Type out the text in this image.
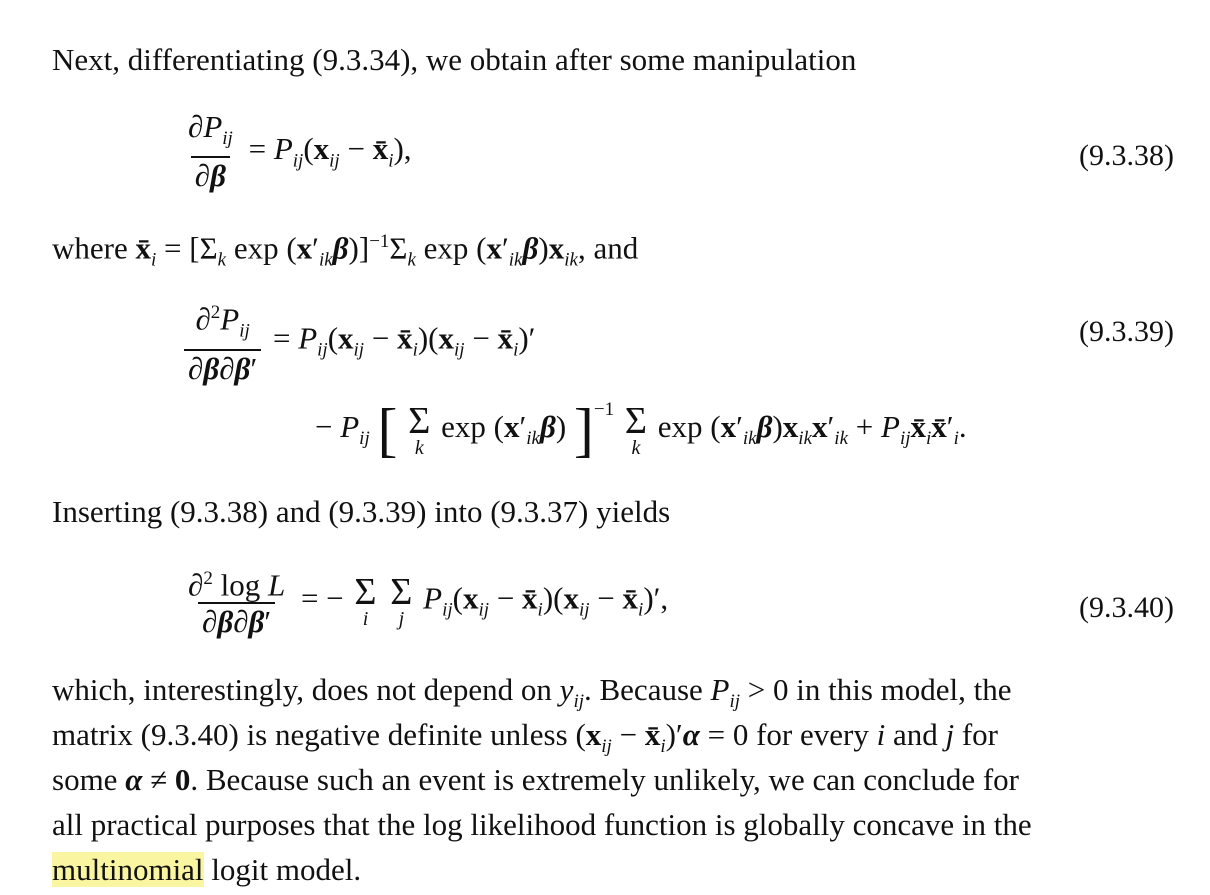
Next, differentiating (9.3.34), we obtain after some manipulation
$\frac{\partial P_{ij}}{\partial\beta} = P_{ij}(x_{ij}$ − $x̄_i$),	(9.3.38)
where $x̄_i = [\Sigma_k$ $\exp (x'_{ik}\beta)]^{-1}\Sigma_k$ $\exp (x'_{ik}\beta)x_{ik}$, and
$\frac{\partial^2P_{ij}}{\partial\beta\partial\beta'} = P_{ij}(x_{ij}$ − $x̄_i)(x_{ij}$ − $x̄_i)'$	(9.3.39)
− $P_{ij}$ [ Σ
k
$\exp (x'_{ik}\beta)$ ]$^{-1}$ Σ
k
$\exp (x'_{ik}\beta)x_{ik}x'_{ik}$ + $P_{ij}x̄_ix̄'_i$.
Inserting (9.3.38) and (9.3.39) into (9.3.37) yields
$\frac{\partial^2 \log L}{\partial\beta\partial\beta'}$ = − Σ
i

Σ
j
$P_{ij}(x_{ij}$ − $x̄_i)(x_{ij}$ − $x̄_i)'$,	(9.3.40)
which, interestingly, does not depend on $y_{ij}$. Because $P_{ij} > 0$ in this model, the
matrix (9.3.40) is negative definite unless ($x_{ij}$ − $x̄_i)'\alpha = 0$ for every i and j for
some α ≠ 0. Because such an event is extremely unlikely, we can conclude for
all practical purposes that the log likelihood function is globally concave in the
multinomial logit model.
